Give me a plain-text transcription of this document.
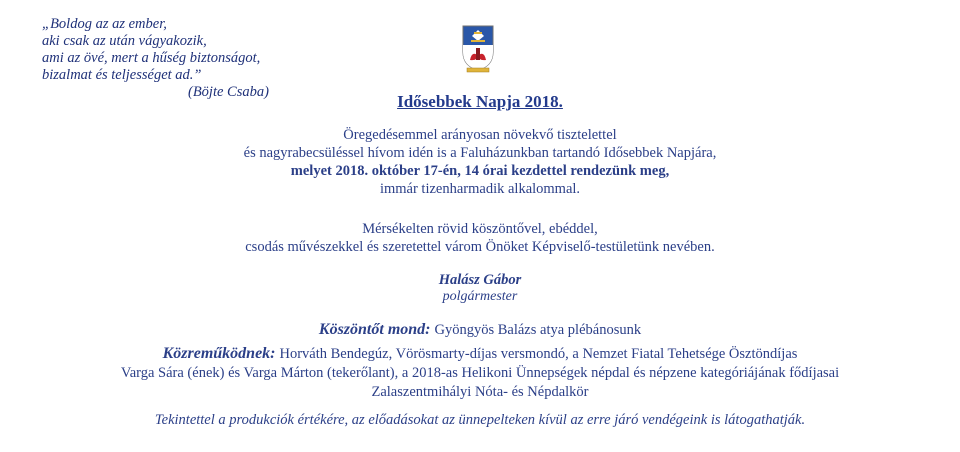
„Boldog az az ember,
aki csak az után vágyakozik,
ami az övé, mert a hűség biztonságot,
bizalmat és teljességet ad.”
(Böjte Csaba)	Idősebbek Napja 2018.
Öregedésemmel arányosan növekvő tisztelettel
és nagyrabecsüléssel hívom idén is a Faluházunkban tartandó Idősebbek Napjára,
melyet 2018. október 17-én, 14 órai kezdettel rendezünk meg,
immár tizenharmadik alkalommal.
Mérsékelten rövid köszöntővel, ebéddel,
csodás művészekkel és szeretettel várom Önöket Képviselő-testületünk nevében.
Halász Gábor
polgármester
Köszöntőt mond: Gyöngyös Balázs atya plébánosunk
Közreműködnek: Horváth Bendegúz, Vörösmarty-díjas versmondó, a Nemzet Fiatal Tehetsége Ösztöndíjas
Varga Sára (ének) és Varga Márton (tekerőlant), a 2018-as Helikoni Ünnepségek népdal és népzene kategóriájának fődíjasai
Zalaszentmihályi Nóta- és Népdalkör
Tekintettel a produkciók értékére, az előadásokat az ünnepelteken kívül az erre járó vendégeink is látogathatják.
